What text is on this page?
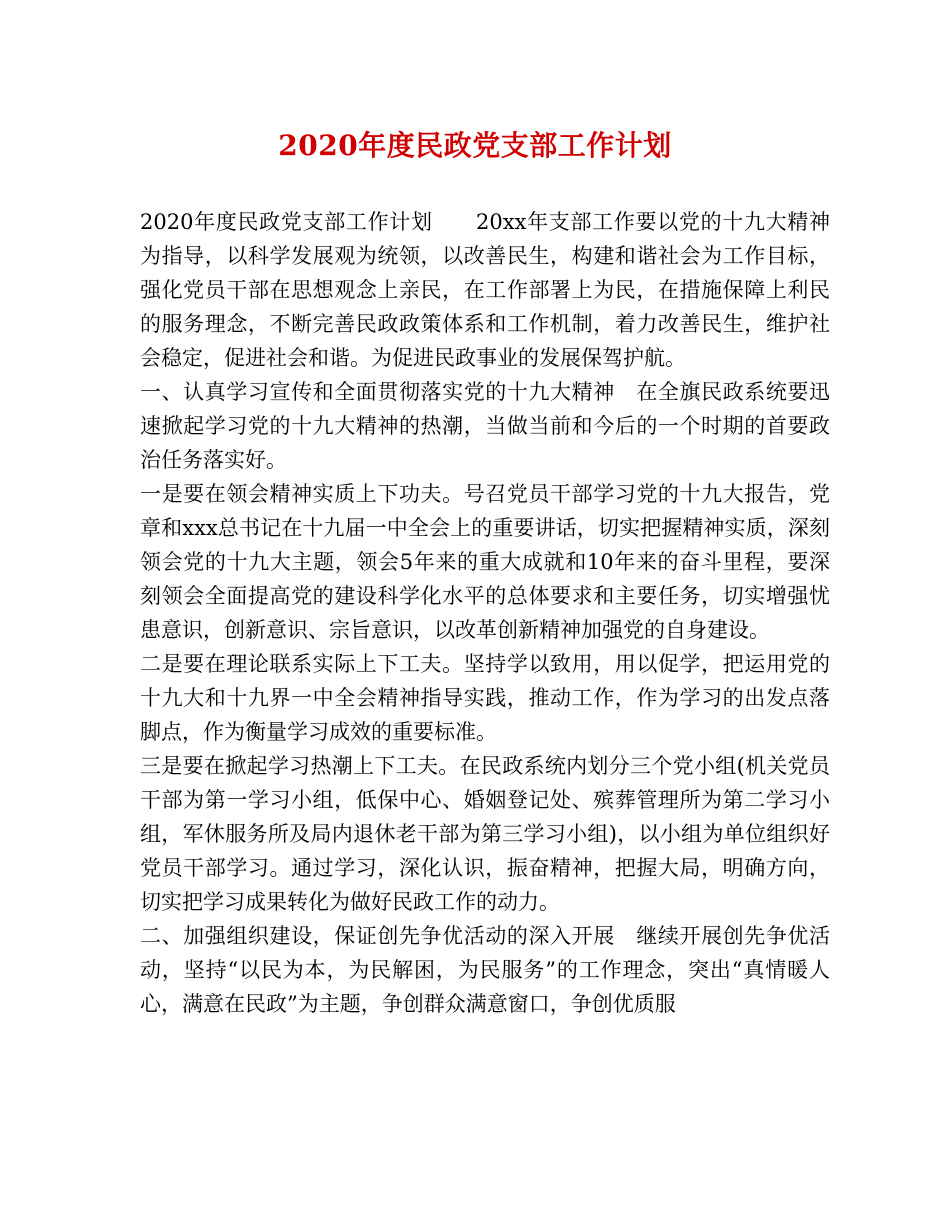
2020年度民政党支部工作计划

2020年度民政党支部工作计划　　20xx年支部工作要以党的十九大精神为指导，以科学发展观为统领，以改善民生，构建和谐社会为工作目标，强化党员干部在思想观念上亲民，在工作部署上为民，在措施保障上利民的服务理念，不断完善民政政策体系和工作机制，着力改善民生，维护社会稳定，促进社会和谐。为促进民政事业的发展保驾护航。

一、认真学习宣传和全面贯彻落实党的十九大精神　在全旗民政系统要迅速掀起学习党的十九大精神的热潮，当做当前和今后的一个时期的首要政治任务落实好。

一是要在领会精神实质上下功夫。号召党员干部学习党的十九大报告，党章和xxx总书记在十九届一中全会上的重要讲话，切实把握精神实质，深刻领会党的十九大主题，领会5年来的重大成就和10年来的奋斗里程，要深刻领会全面提高党的建设科学化水平的总体要求和主要任务，切实增强忧患意识，创新意识、宗旨意识，以改革创新精神加强党的自身建设。

二是要在理论联系实际上下工夫。坚持学以致用，用以促学，把运用党的十九大和十九界一中全会精神指导实践，推动工作，作为学习的出发点落脚点，作为衡量学习成效的重要标准。

三是要在掀起学习热潮上下工夫。在民政系统内划分三个党小组(机关党员干部为第一学习小组，低保中心、婚姻登记处、殡葬管理所为第二学习小组，军休服务所及局内退休老干部为第三学习小组)，以小组为单位组织好党员干部学习。通过学习，深化认识，振奋精神，把握大局，明确方向，切实把学习成果转化为做好民政工作的动力。

二、加强组织建设，保证创先争优活动的深入开展　继续开展创先争优活动，坚持“以民为本，为民解困，为民服务”的工作理念，突出“真情暖人心，满意在民政”为主题，争创群众满意窗口，争创优质服
